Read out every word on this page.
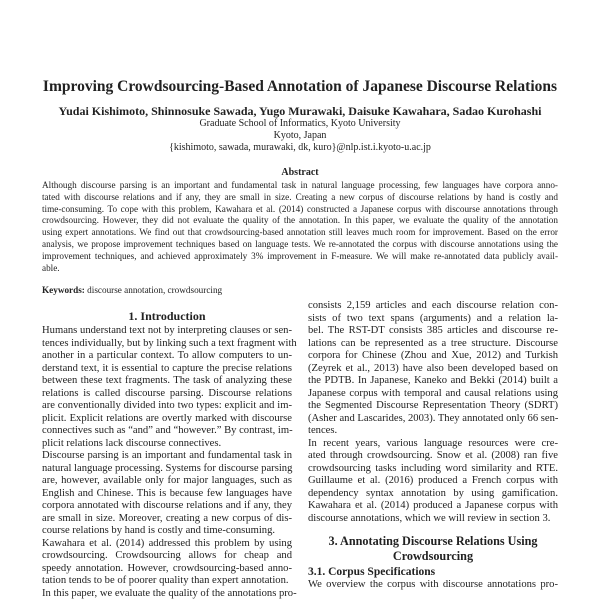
Improving Crowdsourcing-Based Annotation of Japanese Discourse Relations
Yudai Kishimoto, Shinnosuke Sawada, Yugo Murawaki, Daisuke Kawahara, Sadao Kurohashi
Graduate School of Informatics, Kyoto University
Kyoto, Japan
{kishimoto, sawada, murawaki, dk, kuro}@nlp.ist.i.kyoto-u.ac.jp
Abstract
Although discourse parsing is an important and fundamental task in natural language processing, few languages have corpora anno-
tated with discourse relations and if any, they are small in size. Creating a new corpus of discourse relations by hand is costly and
time-consuming. To cope with this problem, Kawahara et al. (2014) constructed a Japanese corpus with discourse annotations through
crowdsourcing. However, they did not evaluate the quality of the annotation. In this paper, we evaluate the quality of the annotation
using expert annotations. We find out that crowdsourcing-based annotation still leaves much room for improvement. Based on the error
analysis, we propose improvement techniques based on language tests. We re-annotated the corpus with discourse annotations using the
improvement techniques, and achieved approximately 3% improvement in F-measure. We will make re-annotated data publicly avail-
able.
Keywords: discourse annotation, crowdsourcing
1. Introduction
Humans understand text not by interpreting clauses or sen-
tences individually, but by linking such a text fragment with
another in a particular context. To allow computers to un-
derstand text, it is essential to capture the precise relations
between these text fragments. The task of analyzing these
relations is called discourse parsing. Discourse relations
are conventionally divided into two types: explicit and im-
plicit. Explicit relations are overtly marked with discourse
connectives such as “and” and “however.” By contrast, im-
plicit relations lack discourse connectives.
Discourse parsing is an important and fundamental task in
natural language processing. Systems for discourse parsing
are, however, available only for major languages, such as
English and Chinese. This is because few languages have
corpora annotated with discourse relations and if any, they
are small in size. Moreover, creating a new corpus of dis-
course relations by hand is costly and time-consuming.
Kawahara et al. (2014) addressed this problem by using
crowdsourcing. Crowdsourcing allows for cheap and
speedy annotation. However, crowdsourcing-based anno-
tation tends to be of poorer quality than expert annotation.
In this paper, we evaluate the quality of the annotations pro-
consists 2,159 articles and each discourse relation con-
sists of two text spans (arguments) and a relation la-
bel. The RST-DT consists 385 articles and discourse re-
lations can be represented as a tree structure. Discourse
corpora for Chinese (Zhou and Xue, 2012) and Turkish
(Zeyrek et al., 2013) have also been developed based on
the PDTB. In Japanese, Kaneko and Bekki (2014) built a
Japanese corpus with temporal and causal relations using
the Segmented Discourse Representation Theory (SDRT)
(Asher and Lascarides, 2003). They annotated only 66 sen-
tences.
In recent years, various language resources were cre-
ated through crowdsourcing. Snow et al. (2008) ran five
crowdsourcing tasks including word similarity and RTE.
Guillaume et al. (2016) produced a French corpus with
dependency syntax annotation by using gamification.
Kawahara et al. (2014) produced a Japanese corpus with
discourse annotations, which we will review in section 3.
3. Annotating Discourse Relations Using
Crowdsourcing
3.1. Corpus Specifications
We overview the corpus with discourse annotations pro-
